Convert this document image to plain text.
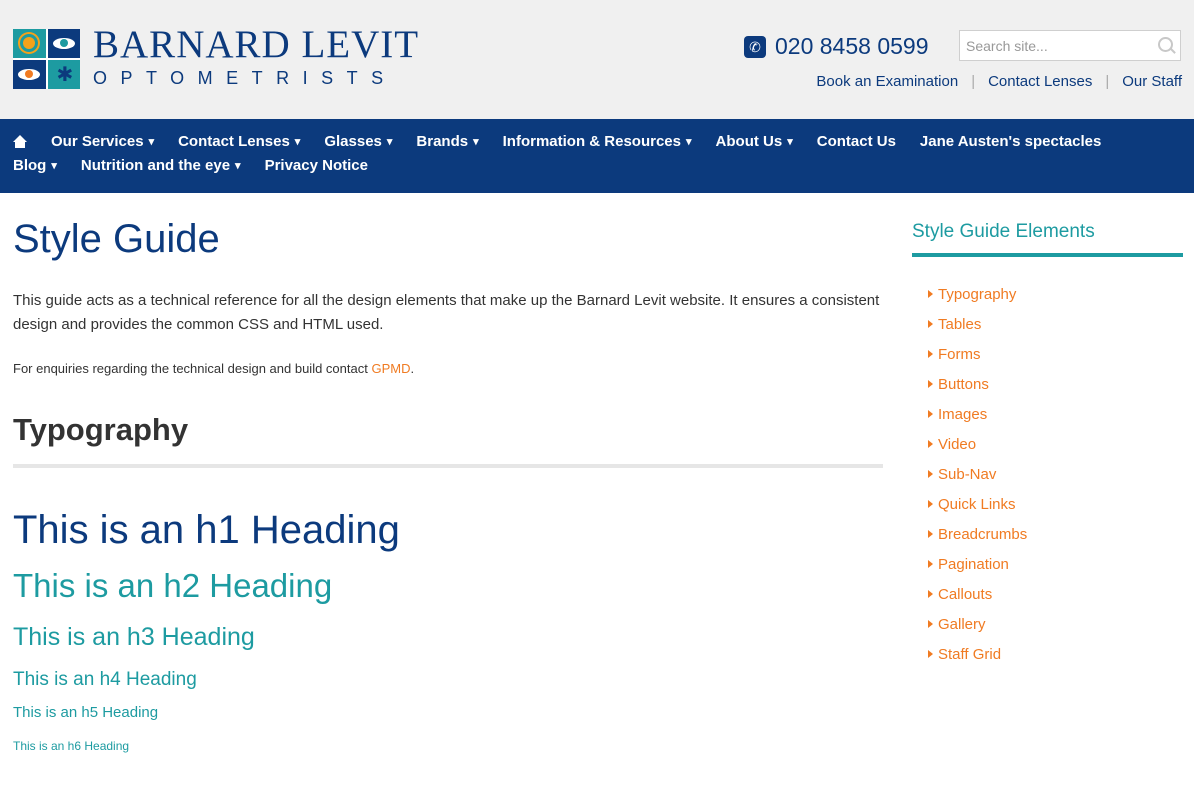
✱
BARNARD LEVIT
OPTOMETRISTS
✆ 020 8458 0599
Search site...
Book an Examination | Contact Lenses | Our Staff
Our Services ▾ Contact Lenses ▾ Glasses ▾ Brands ▾ Information & Resources ▾ About Us ▾ Contact Us Jane Austen's spectacles
Blog ▾ Nutrition and the eye ▾ Privacy Notice
Style Guide
This guide acts as a technical reference for all the design elements that make up the Barnard Levit website. It ensures a consistent design and provides the common CSS and HTML used.
For enquiries regarding the technical design and build contact GPMD.
Typography
This is an h1 Heading
This is an h2 Heading
This is an h3 Heading
This is an h4 Heading
This is an h5 Heading
This is an h6 Heading
Style Guide Elements
Typography
Tables
Forms
Buttons
Images
Video
Sub-Nav
Quick Links
Breadcrumbs
Pagination
Callouts
Gallery
Staff Grid
